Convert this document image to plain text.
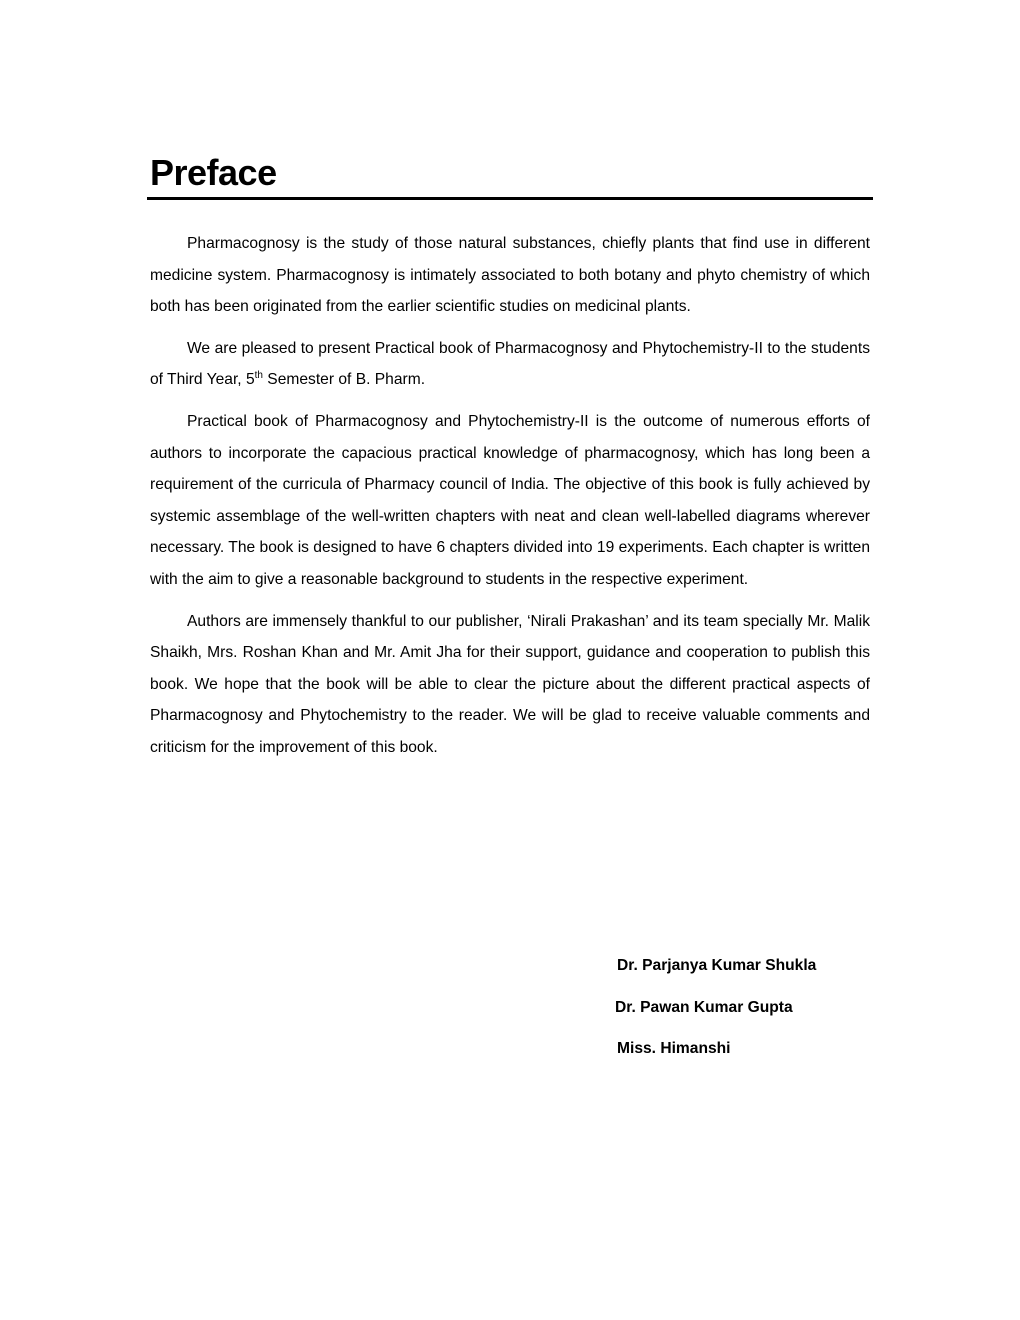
Preface

Pharmacognosy is the study of those natural substances, chiefly plants that find use in different medicine system. Pharmacognosy is intimately associated to both botany and phyto chemistry of which both has been originated from the earlier scientific studies on medicinal plants.

We are pleased to present Practical book of Pharmacognosy and Phytochemistry-II to the students of Third Year, 5th Semester of B. Pharm.

Practical book of Pharmacognosy and Phytochemistry-II is the outcome of numerous efforts of authors to incorporate the capacious practical knowledge of pharmacognosy, which has long been a requirement of the curricula of Pharmacy council of India. The objective of this book is fully achieved by systemic assemblage of the well-written chapters with neat and clean well-labelled diagrams wherever necessary. The book is designed to have 6 chapters divided into 19 experiments. Each chapter is written with the aim to give a reasonable background to students in the respective experiment.

Authors are immensely thankful to our publisher, ‘Nirali Prakashan’ and its team specially Mr. Malik Shaikh, Mrs. Roshan Khan and Mr. Amit Jha for their support, guidance and cooperation to publish this book. We hope that the book will be able to clear the picture about the different practical aspects of Pharmacognosy and Phytochemistry to the reader. We will be glad to receive valuable comments and criticism for the improvement of this book.

Dr. Parjanya Kumar Shukla
Dr. Pawan Kumar Gupta
Miss. Himanshi
